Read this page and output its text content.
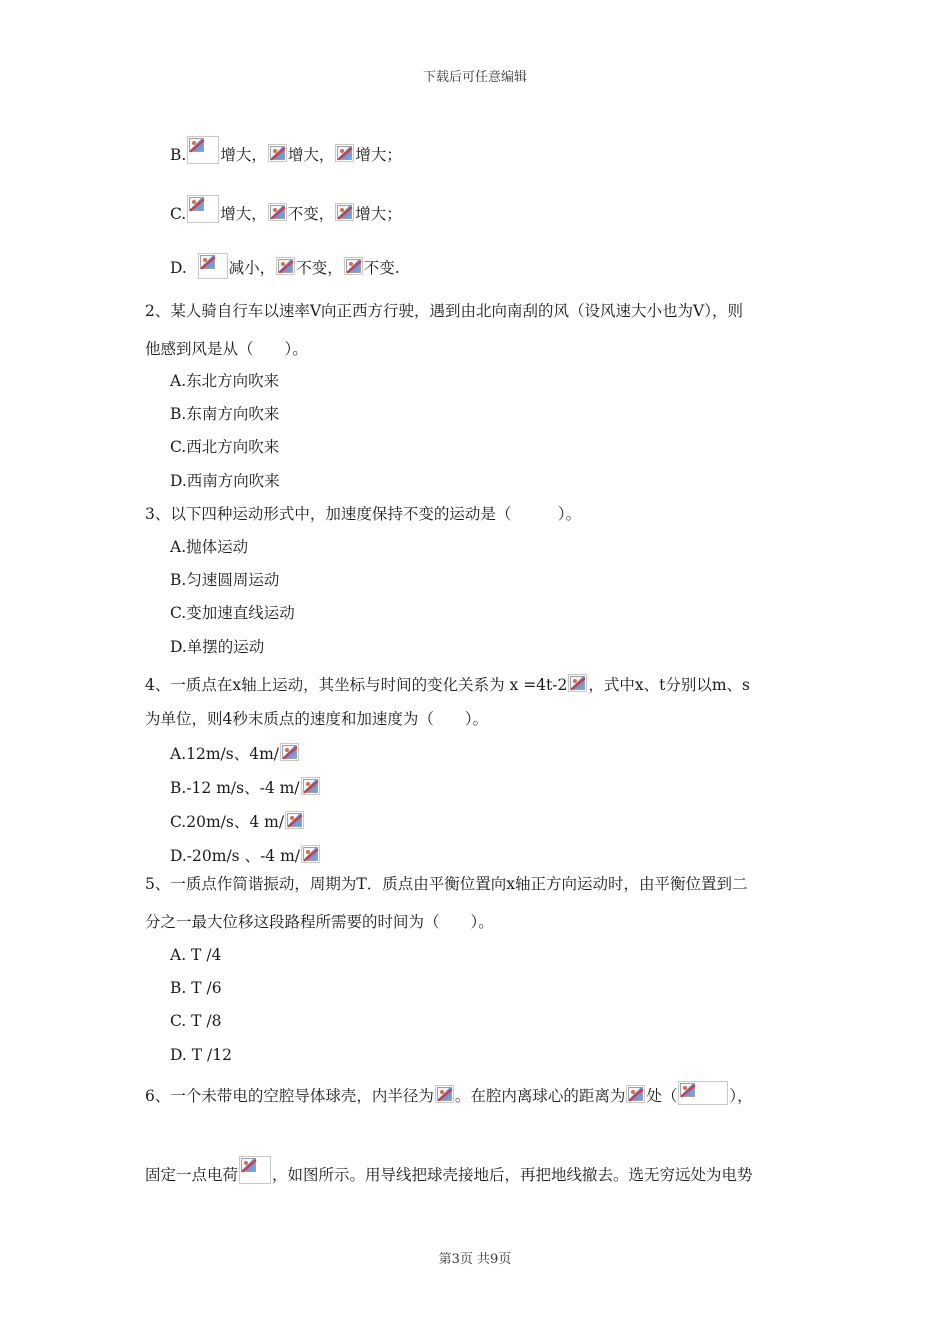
下载后可任意编辑
B. 增大， 增大， 增大；
C. 增大， 不变， 增大；
D.	减小， 不变， 不变.
2、某人骑自行车以速率V向正西方行驶，遇到由北向南刮的风（设风速大小也为V），则
他感到风是从（　　）。
A.东北方向吹来
B.东南方向吹来
C.西北方向吹来
D.西南方向吹来
3、以下四种运动形式中，加速度保持不变的运动是（　　　）。
A.抛体运动
B.匀速圆周运动
C.变加速直线运动
D.单摆的运动
4、一质点在x轴上运动，其坐标与时间的变化关系为 x =4t-2 ，式中x、t分别以m、s
为单位，则4秒末质点的速度和加速度为（　　）。
A.12m/s、4m/
B.-12 m/s、-4 m/
C.20m/s、4 m/
D.-20m/s 、-4 m/
5、一质点作简谐振动，周期为T．质点由平衡位置向x轴正方向运动时，由平衡位置到二
分之一最大位移这段路程所需要的时间为（　　）。
A. T /4
B. T /6
C. T /8
D. T /12
6、一个未带电的空腔导体球壳，内半径为 。在腔内离球心的距离为 处（	），
固定一点电荷 ，如图所示。用导线把球壳接地后，再把地线撤去。选无穷远处为电势
第3页 共9页
